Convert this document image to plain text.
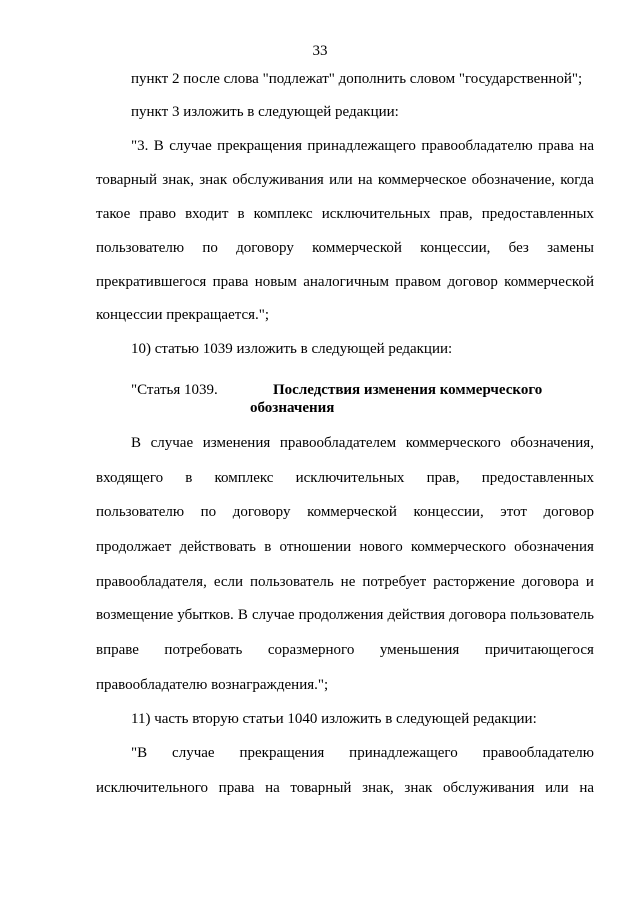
33
пункт 2 после слова "подлежат" дополнить словом "государственной";
пункт 3 изложить в следующей редакции:
"3. В случае прекращения принадлежащего правообладателю права на
товарный знак, знак обслуживания или на коммерческое обозначение, когда
такое право входит в комплекс исключительных прав, предоставленных
пользователю по договору коммерческой концессии, без замены
прекратившегося права новым аналогичным правом договор коммерческой
концессии прекращается.";
10) статью 1039 изложить в следующей редакции:
"Статья 1039.	Последствия изменения коммерческого
обозначения
В случае изменения правообладателем коммерческого обозначения,
входящего в комплекс исключительных прав, предоставленных
пользователю по договору коммерческой концессии, этот договор
продолжает действовать в отношении нового коммерческого обозначения
правообладателя, если пользователь не потребует расторжение договора и
возмещение убытков. В случае продолжения действия договора пользователь
вправе потребовать соразмерного уменьшения причитающегося
правообладателю вознаграждения.";
11) часть вторую статьи 1040 изложить в следующей редакции:
"В случае прекращения принадлежащего правообладателю
исключительного права на товарный знак, знак обслуживания или на
